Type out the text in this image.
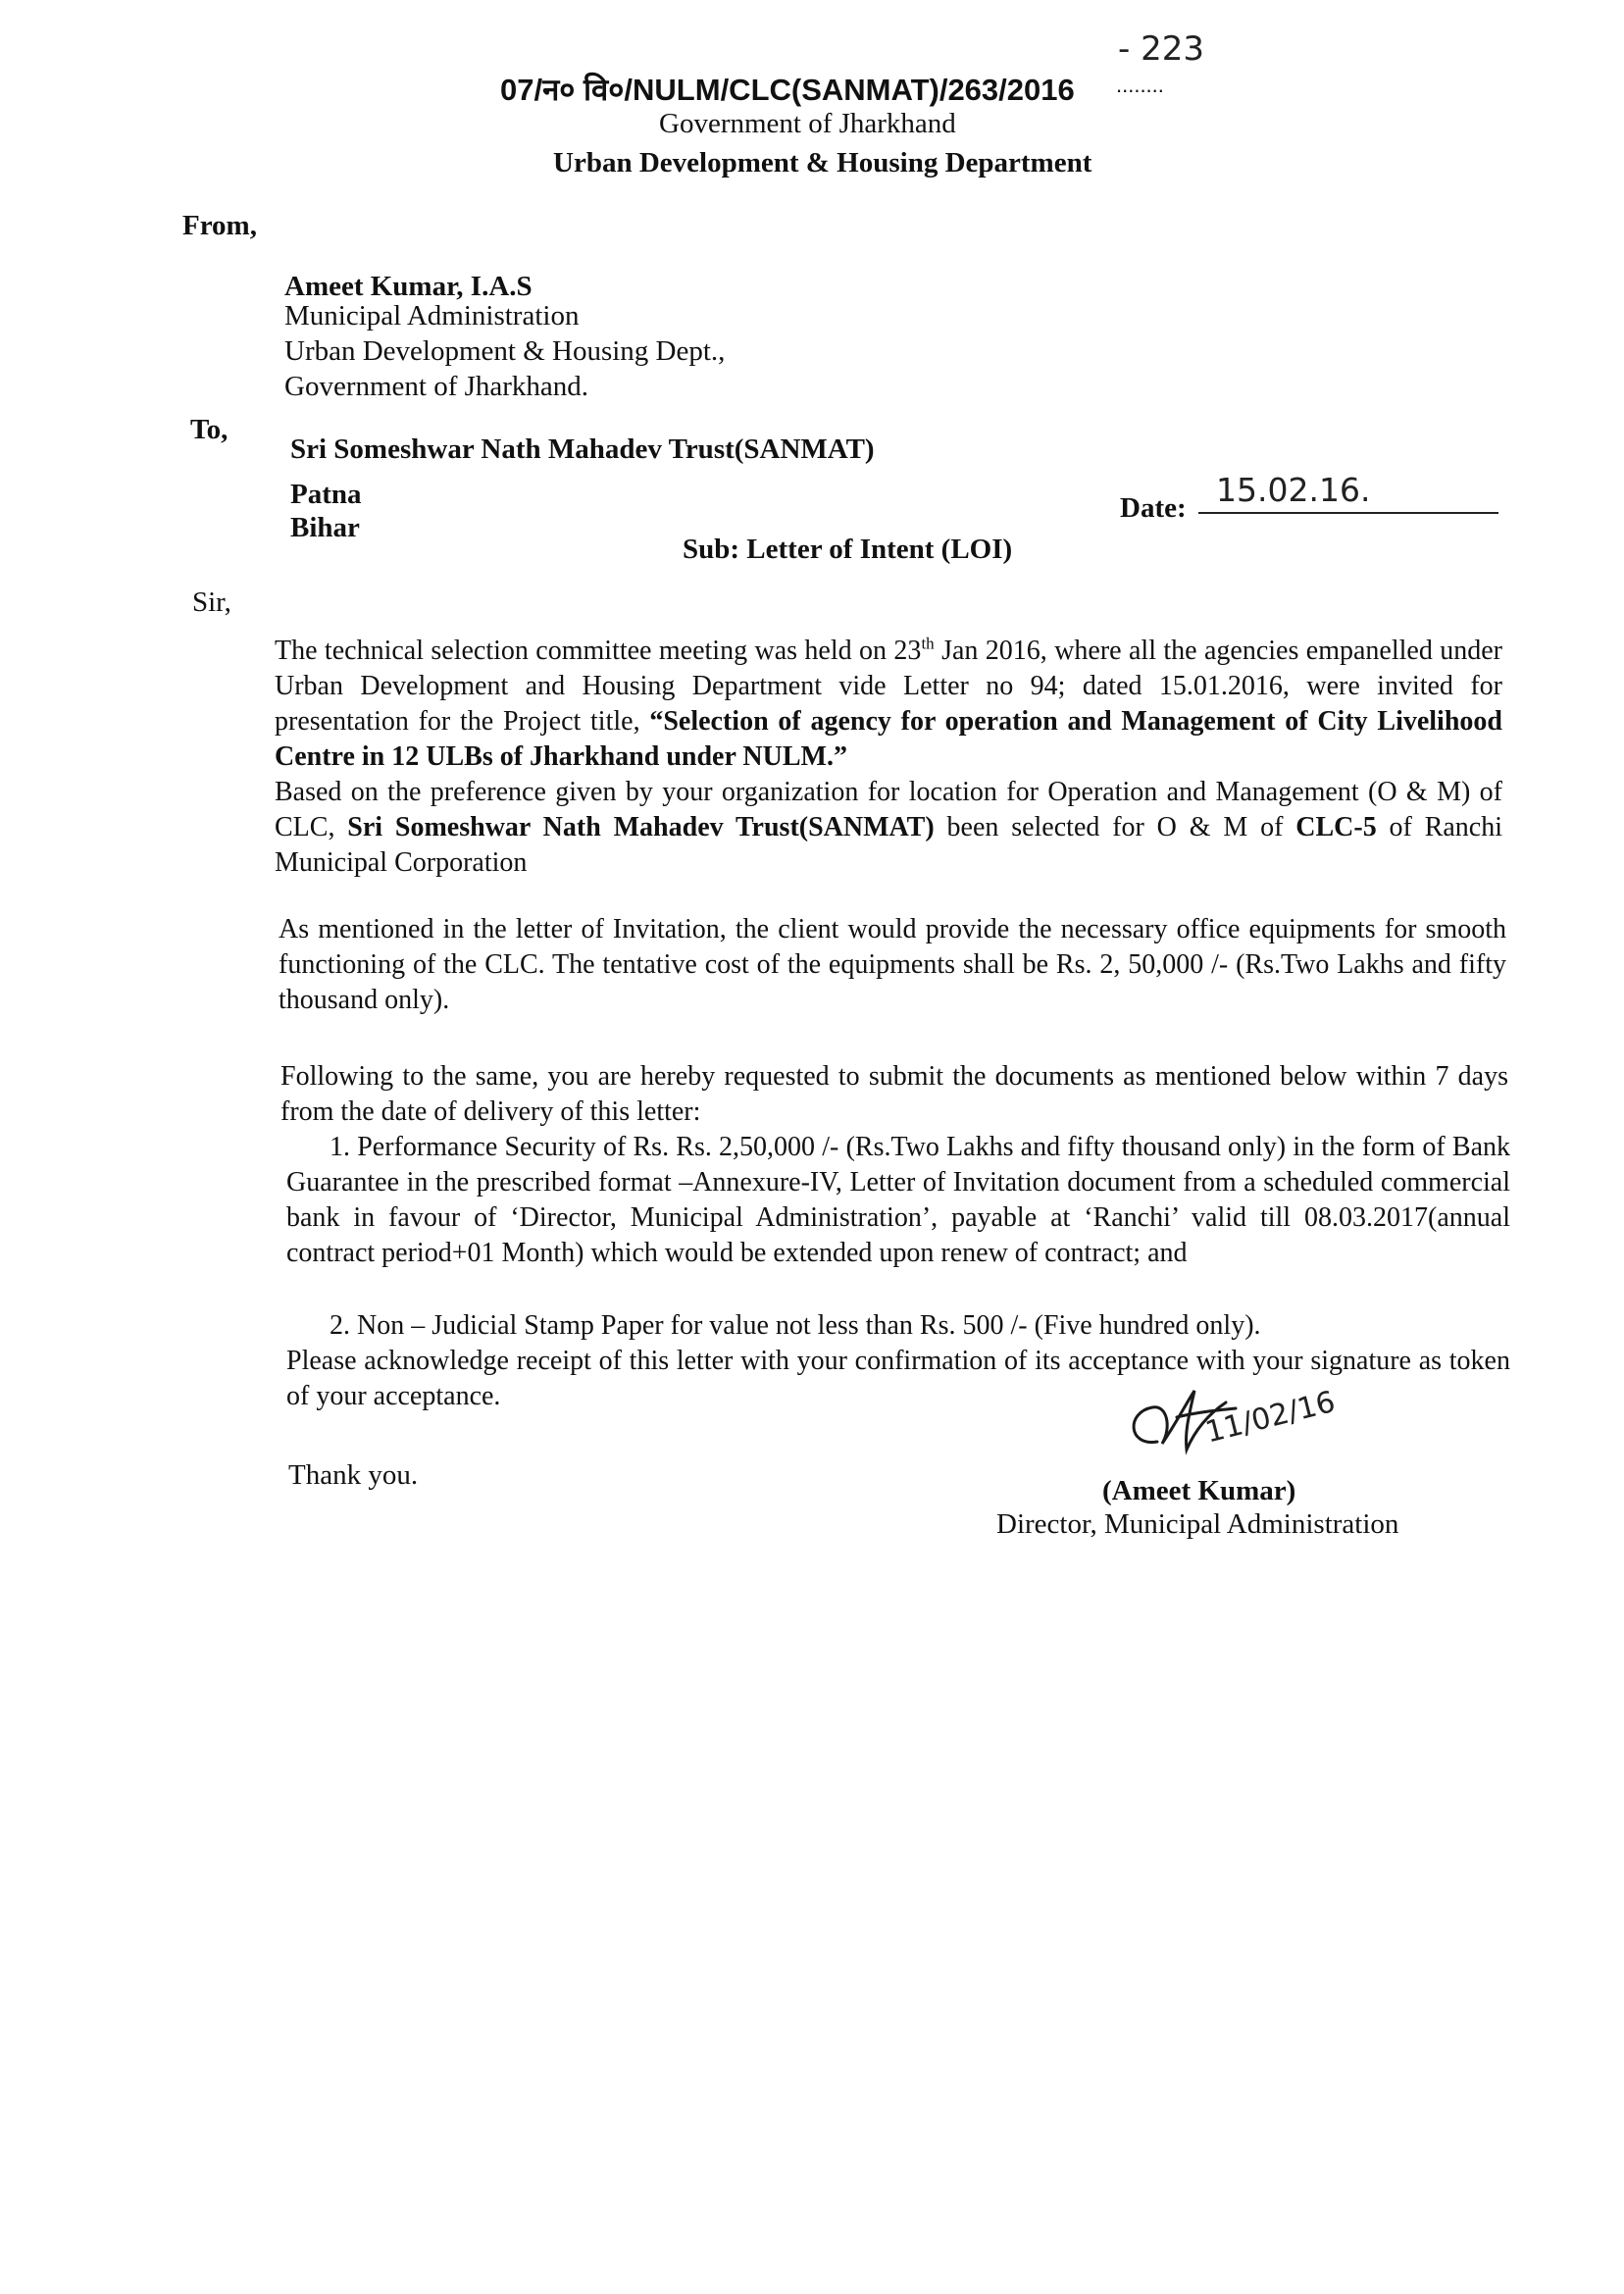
07/न० वि०/NULM/CLC(SANMAT)/263/2016 ........
- 223
Government of Jharkhand
Urban Development & Housing Department
From,
Ameet Kumar, I.A.S
Municipal Administration
Urban Development & Housing Dept.,
Government of Jharkhand.
To,
Sri Someshwar Nath Mahadev Trust(SANMAT)
Patna
Bihar
Date: 15.02.16.
Sub: Letter of Intent (LOI)
Sir,
The technical selection committee meeting was held on 23th Jan 2016, where all the agencies empanelled under Urban Development and Housing Department vide Letter no 94; dated 15.01.2016, were invited for presentation for the Project title, “Selection of agency for operation and Management of City Livelihood Centre in 12 ULBs of Jharkhand under NULM.”
Based on the preference given by your organization for location for Operation and Management (O & M) of CLC, Sri Someshwar Nath Mahadev Trust(SANMAT) been selected for O & M of CLC-5 of Ranchi Municipal Corporation
As mentioned in the letter of Invitation, the client would provide the necessary office equipments for smooth functioning of the CLC. The tentative cost of the equipments shall be Rs. 2, 50,000 /- (Rs.Two Lakhs and fifty thousand only).
Following to the same, you are hereby requested to submit the documents as mentioned below within 7 days from the date of delivery of this letter:
1. Performance Security of Rs. Rs. 2,50,000 /- (Rs.Two Lakhs and fifty thousand only) in the form of Bank Guarantee in the prescribed format –Annexure-IV, Letter of Invitation document from a scheduled commercial bank in favour of ‘Director, Municipal Administration’, payable at ‘Ranchi’ valid till 08.03.2017(annual contract period+01 Month) which would be extended upon renew of contract; and
2. Non – Judicial Stamp Paper for value not less than Rs. 500 /- (Five hundred only).
Please acknowledge receipt of this letter with your confirmation of its acceptance with your signature as token of your acceptance.
Thank you.
11/02/16
(Ameet Kumar)
Director, Municipal Administration
